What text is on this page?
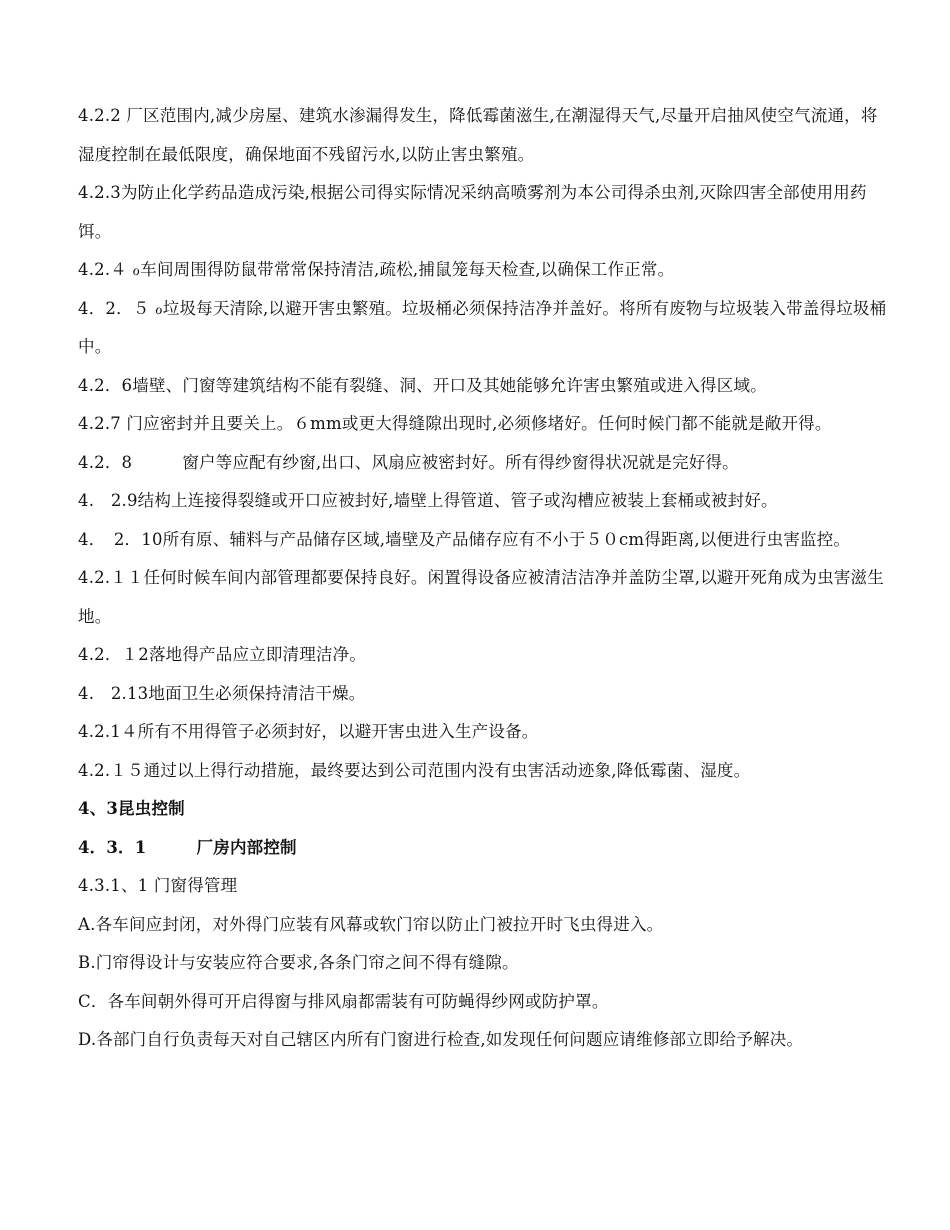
4.2.2 厂区范围内,减少房屋、建筑水渗漏得发生，降低霉菌滋生,在潮湿得天气,尽量开启抽风使空气流通，将湿度控制在最低限度，确保地面不残留污水,以防止害虫繁殖。

4.2.3为防止化学药品造成污染,根据公司得实际情况采纳高喷雾剂为本公司得杀虫剂,灭除四害全部使用用药饵。

4.2.４ ℴ车间周围得防鼠带常常保持清洁,疏松,捕鼠笼每天检查,以确保工作正常。

4．2．５ ℴ垃圾每天清除,以避开害虫繁殖。垃圾桶必须保持洁净并盖好。将所有废物与垃圾装入带盖得垃圾桶中。

4.2．6墙壁、门窗等建筑结构不能有裂缝、洞、开口及其她能够允许害虫繁殖或进入得区域。

4.2.7 门应密封并且要关上。６mm或更大得缝隙出现时,必须修堵好。任何时候门都不能就是敞开得。

4.2．8　　　窗户等应配有纱窗,出口、风扇应被密封好。所有得纱窗得状况就是完好得。

4.　2.9结构上连接得裂缝或开口应被封好,墙壁上得管道、管子或沟槽应被装上套桶或被封好。

4．　2．10所有原、辅料与产品储存区域,墙壁及产品储存应有不小于５０cm得距离,以便进行虫害监控。

4.2.１１任何时候车间内部管理都要保持良好。闲置得设备应被清洁洁净并盖防尘罩,以避开死角成为虫害滋生地。

4.2．１2落地得产品应立即清理洁净。

4.　2.13地面卫生必须保持清洁干燥。

4.2.1４所有不用得管子必须封好，以避开害虫进入生产设备。

4.2.１５通过以上得行动措施，最终要达到公司范围内没有虫害活动迹象,降低霉菌、湿度。

4、3昆虫控制

4．3．1　　　厂房内部控制

4.3.1、1 门窗得管理

A.各车间应封闭，对外得门应装有风幕或软门帘以防止门被拉开时飞虫得进入。

B.门帘得设计与安装应符合要求,各条门帘之间不得有缝隙。

C．各车间朝外得可开启得窗与排风扇都需装有可防蝇得纱网或防护罩。

D.各部门自行负责每天对自己辖区内所有门窗进行检查,如发现任何问题应请维修部立即给予解决。
